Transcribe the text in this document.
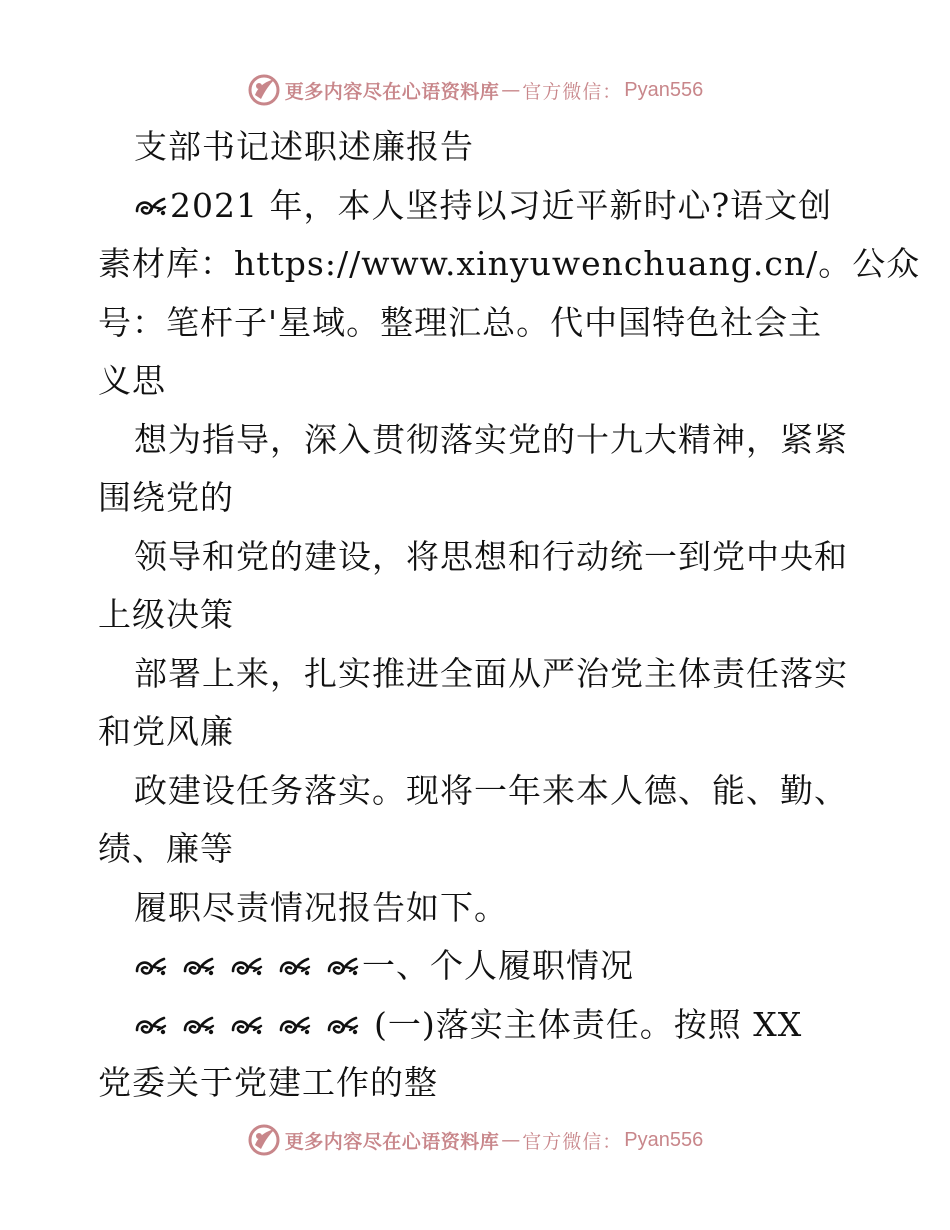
更多内容尽在心语资料库 — 官方微信： Pyan556
支部书记述职述廉报告
2021 年，本人坚持以习近平新时心?语文创
素材库：https://www.xinyuwenchuang.cn/。公众
号：笔杆子'星域。整理汇总。代中国特色社会主
义思
想为指导，深入贯彻落实党的十九大精神，紧紧
围绕党的
领导和党的建设，将思想和行动统一到党中央和
上级决策
部署上来，扎实推进全面从严治党主体责任落实
和党风廉
政建设任务落实。现将一年来本人德、能、勤、
绩、廉等
履职尽责情况报告如下。
一、个人履职情况
(一)落实主体责任。按照 XX
党委关于党建工作的整
更多内容尽在心语资料库 — 官方微信： Pyan556
